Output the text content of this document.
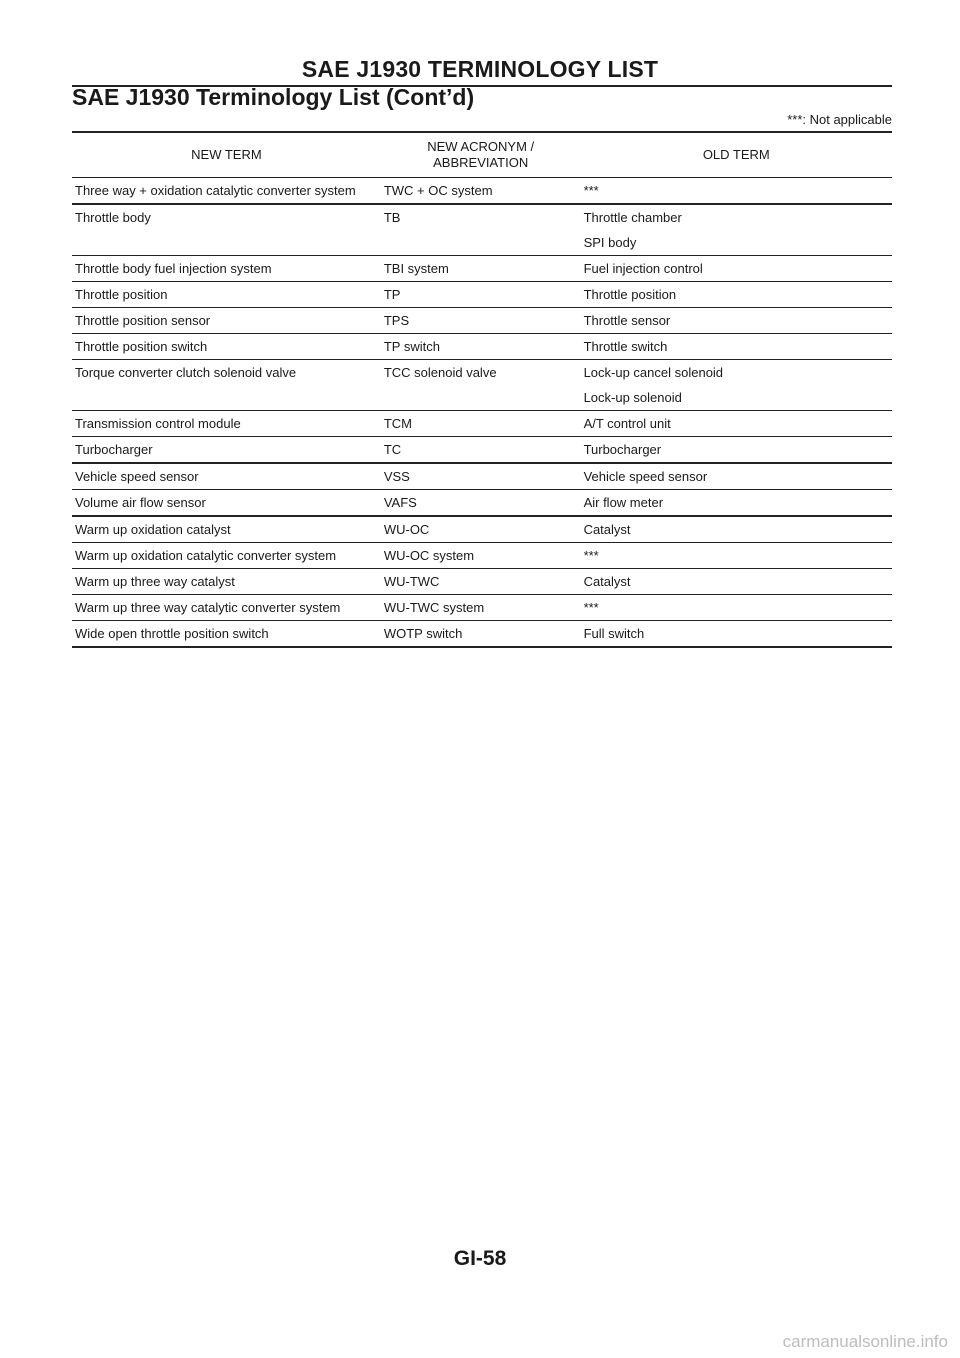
SAE J1930 TERMINOLOGY LIST
SAE J1930 Terminology List (Cont’d)
***: Not applicable
NEW TERM	NEW ACRONYM / ABBREVIATION	OLD TERM

Three way + oxidation catalytic converter system	TWC + OC system	***

Throttle body	TB	Throttle chamber
SPI body

Throttle body fuel injection system	TBI system	Fuel injection control

Throttle position	TP	Throttle position

Throttle position sensor	TPS	Throttle sensor

Throttle position switch	TP switch	Throttle switch

Torque converter clutch solenoid valve	TCC solenoid valve	Lock-up cancel solenoid
Lock-up solenoid

Transmission control module	TCM	A/T control unit

Turbocharger	TC	Turbocharger

Vehicle speed sensor	VSS	Vehicle speed sensor

Volume air flow sensor	VAFS	Air flow meter

Warm up oxidation catalyst	WU-OC	Catalyst

Warm up oxidation catalytic converter system	WU-OC system	***

Warm up three way catalyst	WU-TWC	Catalyst

Warm up three way catalytic converter system	WU-TWC system	***

Wide open throttle position switch	WOTP switch	Full switch
GI-58
carmanualsonline.info
